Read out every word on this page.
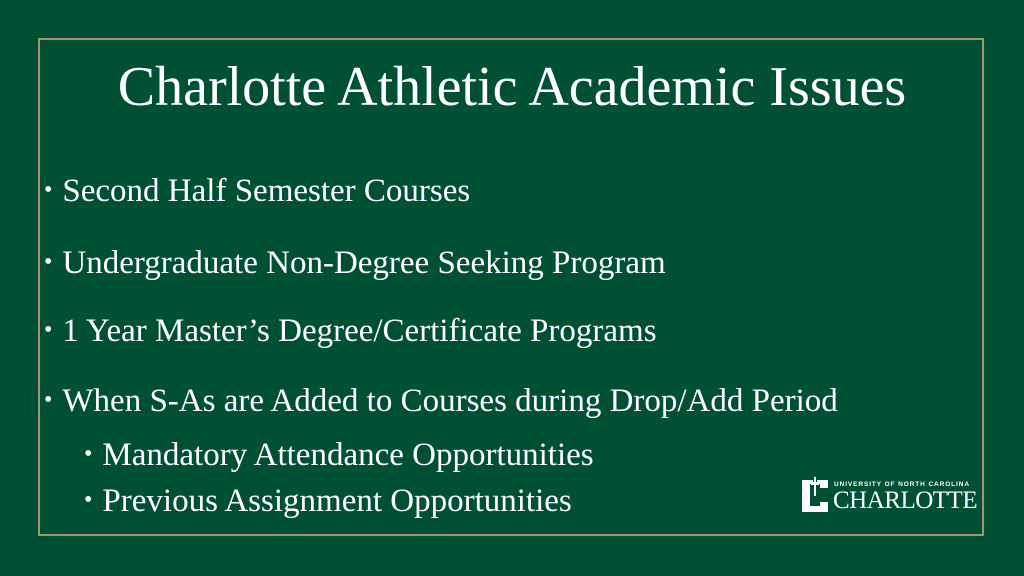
Charlotte Athletic Academic Issues
• Second Half Semester Courses
• Undergraduate Non-Degree Seeking Program
• 1 Year Master’s Degree/Certificate Programs
• When S-As are Added to Courses during Drop/Add Period
• Mandatory Attendance Opportunities
• Previous Assignment Opportunities	UNIVERSITY OF NORTH CAROLINA
CHARLOTTE
